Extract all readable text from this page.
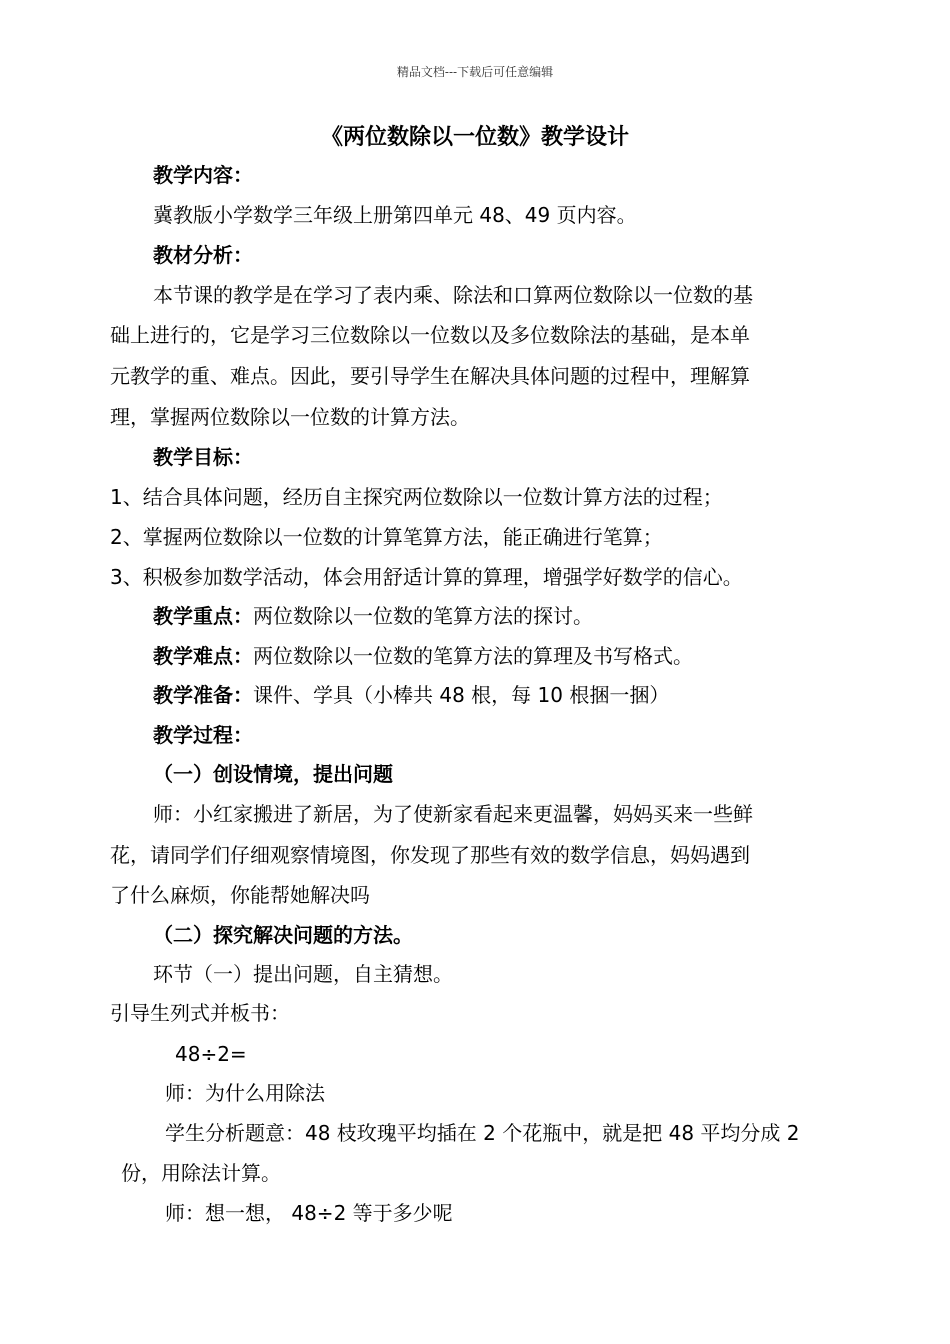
精品文档---下载后可任意编辑
《两位数除以一位数》教学设计
教学内容：
冀教版小学数学三年级上册第四单元 48、49 页内容。
教材分析：
本节课的教学是在学习了表内乘、除法和口算两位数除以一位数的基
础上进行的，它是学习三位数除以一位数以及多位数除法的基础，是本单
元教学的重、难点。因此，要引导学生在解决具体问题的过程中，理解算
理，掌握两位数除以一位数的计算方法。
教学目标：
1、结合具体问题，经历自主探究两位数除以一位数计算方法的过程；
2、掌握两位数除以一位数的计算笔算方法，能正确进行笔算；
3、积极参加数学活动，体会用舒适计算的算理，增强学好数学的信心。
教学重点：两位数除以一位数的笔算方法的探讨。
教学难点：两位数除以一位数的笔算方法的算理及书写格式。
教学准备：课件、学具（小棒共 48 根，每 10 根捆一捆）
教学过程：
（一）创设情境，提出问题
师：小红家搬进了新居，为了使新家看起来更温馨，妈妈买来一些鲜
花，请同学们仔细观察情境图，你发现了那些有效的数学信息，妈妈遇到
了什么麻烦，你能帮她解决吗
（二）探究解决问题的方法。
环节（一）提出问题，自主猜想。
引导生列式并板书：
48÷2=
师：为什么用除法
学生分析题意：48 枝玫瑰平均插在 2 个花瓶中，就是把 48 平均分成 2
份，用除法计算。
师：想一想， 48÷2 等于多少呢
